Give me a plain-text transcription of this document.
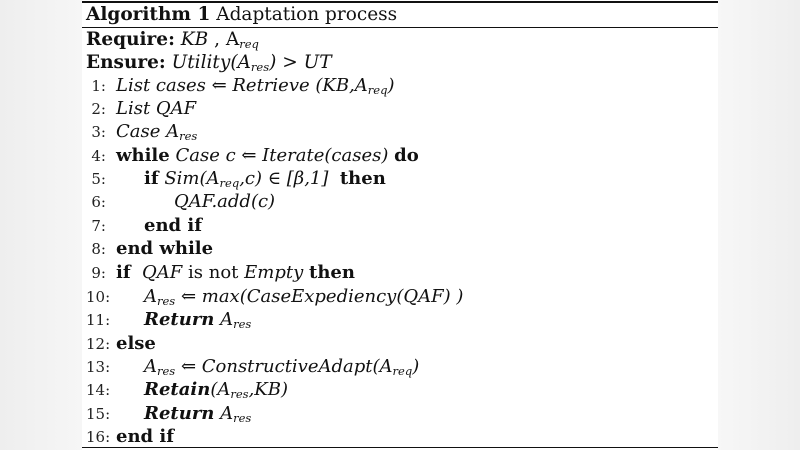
Algorithm 1 Adaptation process
Require: KB , $A_{req}$
Ensure: $Utility(A_{res})$ > UT
1: List cases ⇐ Retrieve $(KB,A_{req})$
2: List QAF
3: Case $A_{res}$
4: while Case c ⇐ Iterate(cases) do
5: if $Sim(A_{req},c)$ ∈ [β,1] then
6:	QAF.add(c)
7: end if
8: end while
9: if QAF is not Empty then
10: $A_{res}$ ⇐ max(CaseExpediency(QAF) )
11: Return $A_{res}$
12: else
13: $A_{res}$ ⇐ $ConstructiveAdapt(A_{req})$
14: $Retain(A_{res},KB)$
15: Return $A_{res}$
16: end if
